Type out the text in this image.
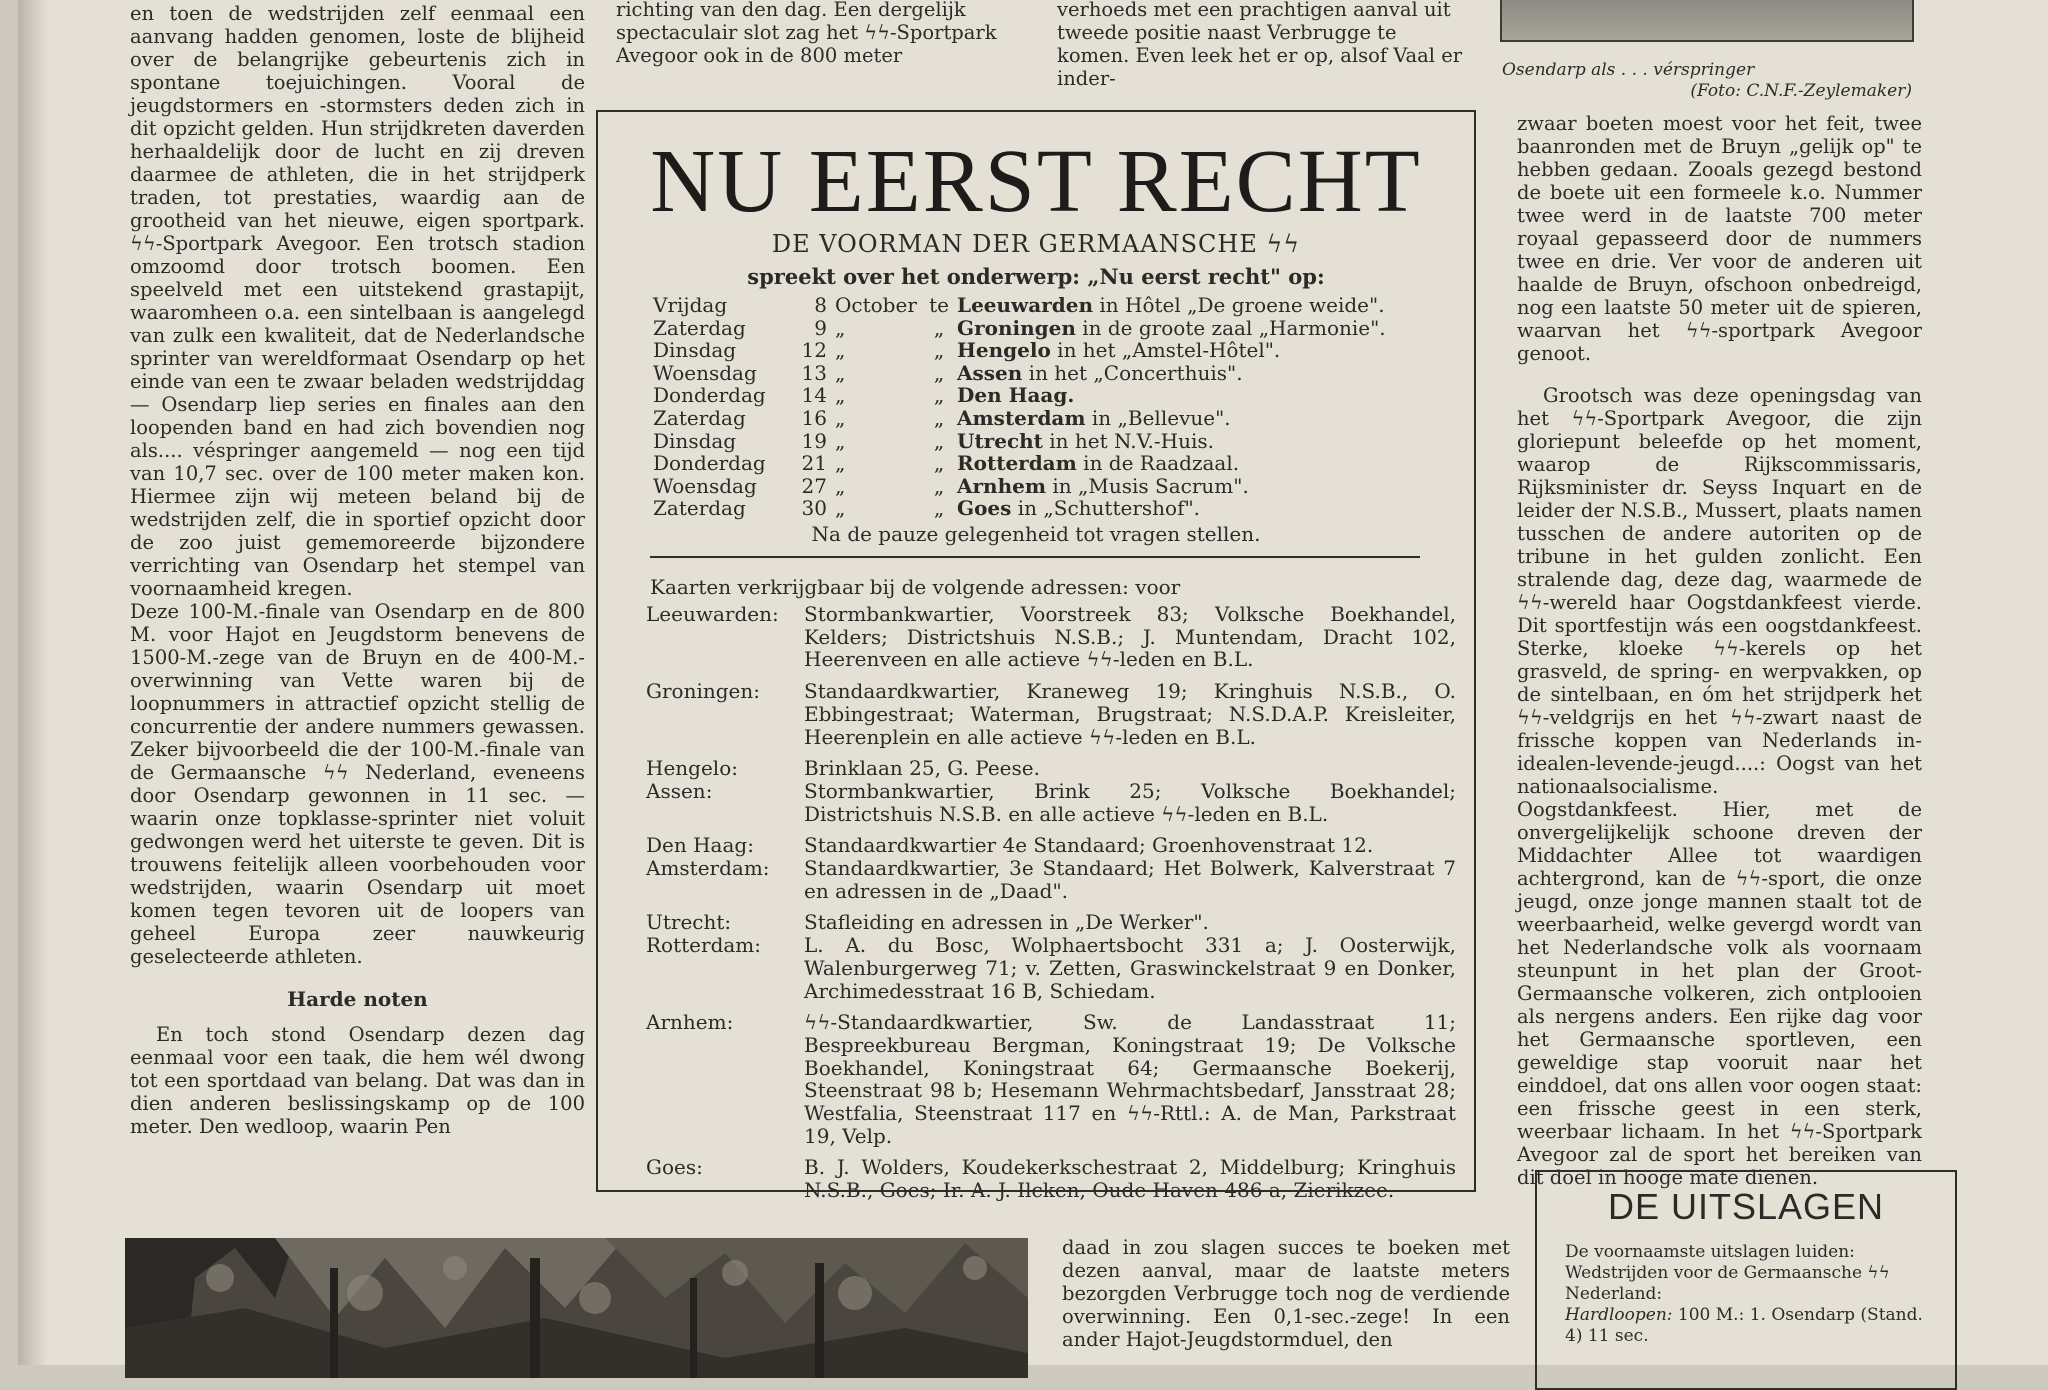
en toen de wedstrijden zelf eenmaal een aanvang hadden genomen, loste de blijheid over de belangrijke gebeurtenis zich in spontane toejuichingen. Vooral de jeugdstormers en -stormsters deden zich in dit opzicht gelden. Hun strijdkreten daverden herhaaldelijk door de lucht en zij dreven daarmee de athleten, die in het strijdperk traden, tot prestaties, waardig aan de grootheid van het nieuwe, eigen sportpark. ϟϟ-Sportpark Avegoor. Een trotsch stadion omzoomd door trotsch boomen. Een speelveld met een uitstekend grastapijt, waaromheen o.a. een sintelbaan is aangelegd van zulk een kwaliteit, dat de Nederlandsche sprinter van wereldformaat Osendarp op het einde van een te zwaar beladen wedstrijddag — Osendarp liep series en finales aan den loopenden band en had zich bovendien nog als.... véspringer aangemeld — nog een tijd van 10,7 sec. over de 100 meter maken kon. Hiermee zijn wij meteen beland bij de wedstrijden zelf, die in sportief opzicht door de zoo juist gememoreerde bijzondere verrichting van Osendarp het stempel van voornaamheid kregen.

Deze 100-M.-finale van Osendarp en de 800 M. voor Hajot en Jeugdstorm benevens de 1500-M.-zege van de Bruyn en de 400-M.-overwinning van Vette waren bij de loopnummers in attractief opzicht stellig de concurrentie der andere nummers gewassen. Zeker bijvoorbeeld die der 100-M.-finale van de Germaansche ϟϟ Nederland, eveneens door Osendarp gewonnen in 11 sec. — waarin onze topklasse-sprinter niet voluit gedwongen werd het uiterste te geven. Dit is trouwens feitelijk alleen voorbehouden voor wedstrijden, waarin Osendarp uit moet komen tegen tevoren uit de loopers van geheel Europa zeer nauwkeurig geselecteerde athleten.

Harde noten

En toch stond Osendarp dezen dag eenmaal voor een taak, die hem wél dwong tot een sportdaad van belang. Dat was dan in dien anderen beslissingskamp op de 100 meter. Den wedloop, waarin Pen

richting van den dag. Een dergelijk spectaculair slot zag het ϟϟ-Sportpark Avegoor ook in de 800 meter

verhoeds met een prachtigen aanval uit tweede positie naast Verbrugge te komen. Even leek het er op, alsof Vaal er inder-	Osendarp als . . . vérspringer
(Foto: C.N.F.-Zeylemaker)
NU EERST RECHT
DE VOORMAN DER GERMAANSCHE ϟϟ
spreekt over het onderwerp: „Nu eerst recht" op:
Vrijdag	8 October te Leeuwarden in Hôtel „De groene weide".
Zaterdag	9 „	„ Groningen in de groote zaal „Harmonie".
Dinsdag	12 „	„ Hengelo in het „Amstel-Hôtel".
Woensdag	13 „	„ Assen in het „Concerthuis".
Donderdag	14 „	„ Den Haag.
Zaterdag	16 „	„ Amsterdam in „Bellevue".
Dinsdag	19 „	„ Utrecht in het N.V.-Huis.
Donderdag	21 „	„ Rotterdam in de Raadzaal.
Woensdag	27 „	„ Arnhem in „Musis Sacrum".
Zaterdag	30 „	„ Goes in „Schuttershof".
Na de pauze gelegenheid tot vragen stellen.
Kaarten verkrijgbaar bij de volgende adressen: voor
Leeuwarden:	Stormbankwartier, Voorstreek 83; Volksche Boekhandel, Kelders; Districtshuis N.S.B.; J. Muntendam, Dracht 102, Heerenveen en alle actieve ϟϟ-leden en B.L.
Groningen:	Standaardkwartier, Kraneweg 19; Kringhuis N.S.B., O. Ebbingestraat; Waterman, Brugstraat; N.S.D.A.P. Kreisleiter, Heerenplein en alle actieve ϟϟ-leden en B.L.
Hengelo:	Brinklaan 25, G. Peese.
Assen:	Stormbankwartier, Brink 25; Volksche Boekhandel; Districtshuis N.S.B. en alle actieve ϟϟ-leden en B.L.
Den Haag:	Standaardkwartier 4e Standaard; Groenhovenstraat 12.
Amsterdam:	Standaardkwartier, 3e Standaard; Het Bolwerk, Kalverstraat 7 en adressen in de „Daad".
Utrecht:	Stafleiding en adressen in „De Werker".
Rotterdam:	L. A. du Bosc, Wolphaertsbocht 331 a; J. Oosterwijk, Walenburgerweg 71; v. Zetten, Graswinckelstraat 9 en Donker, Archimedesstraat 16 B, Schiedam.
Arnhem:	ϟϟ-Standaardkwartier, Sw. de Landasstraat 11; Bespreekbureau Bergman, Koningstraat 19; De Volksche Boekhandel, Koningstraat 64; Germaansche Boekerij, Steenstraat 98 b; Hesemann Wehrmachtsbedarf, Jansstraat 28; Westfalia, Steenstraat 117 en ϟϟ-Rttl.: A. de Man, Parkstraat 19, Velp.
Goes:	B. J. Wolders, Koudekerkschestraat 2, Middelburg; Kringhuis N.S.B., Goes; Ir. A. J. Ilcken, Oude Haven 486 a, Zierikzee.

zwaar boeten moest voor het feit, twee baanronden met de Bruyn „gelijk op" te hebben gedaan. Zooals gezegd bestond de boete uit een formeele k.o. Nummer twee werd in de laatste 700 meter royaal gepasseerd door de nummers twee en drie. Ver voor de anderen uit haalde de Bruyn, ofschoon onbedreigd, nog een laatste 50 meter uit de spieren, waarvan het ϟϟ-sportpark Avegoor genoot.

Grootsch was deze openingsdag van het ϟϟ-Sportpark Avegoor, die zijn gloriepunt beleefde op het moment, waarop de Rijkscommissaris, Rijksminister dr. Seyss Inquart en de leider der N.S.B., Mussert, plaats namen tusschen de andere autoriten op de tribune in het gulden zonlicht. Een stralende dag, deze dag, waarmede de ϟϟ-wereld haar Oogstdankfeest vierde. Dit sportfestijn wás een oogstdankfeest. Sterke, kloeke ϟϟ-kerels op het grasveld, de spring- en werpvakken, op de sintelbaan, en óm het strijdperk het ϟϟ-veldgrijs en het ϟϟ-zwart naast de frissche koppen van Nederlands in-idealen-levende-jeugd....: Oogst van het nationaalsocialisme.

Oogstdankfeest. Hier, met de onvergelijkelijk schoone dreven der Middachter Allee tot waardigen achtergrond, kan de ϟϟ-sport, die onze jeugd, onze jonge mannen staalt tot de weerbaarheid, welke gevergd wordt van het Nederlandsche volk als voornaam steunpunt in het plan der Groot-Germaansche volkeren, zich ontplooien als nergens anders. Een rijke dag voor het Germaansche sportleven, een geweldige stap vooruit naar het einddoel, dat ons allen voor oogen staat: een frissche geest in een sterk, weerbaar lichaam. In het ϟϟ-Sportpark Avegoor zal de sport het bereiken van dit doel in hooge mate dienen.

DE UITSLAGEN
De voornaamste uitslagen luiden: Wedstrijden voor de Germaansche ϟϟ Nederland:
Hardloopen: 100 M.: 1. Osendarp (Stand. 4) 11 sec.

daad in zou slagen succes te boeken met dezen aanval, maar de laatste meters bezorgden Verbrugge toch nog de verdiende overwinning. Een 0,1-sec.-zege! In een ander Hajot-Jeugdstormduel, den
